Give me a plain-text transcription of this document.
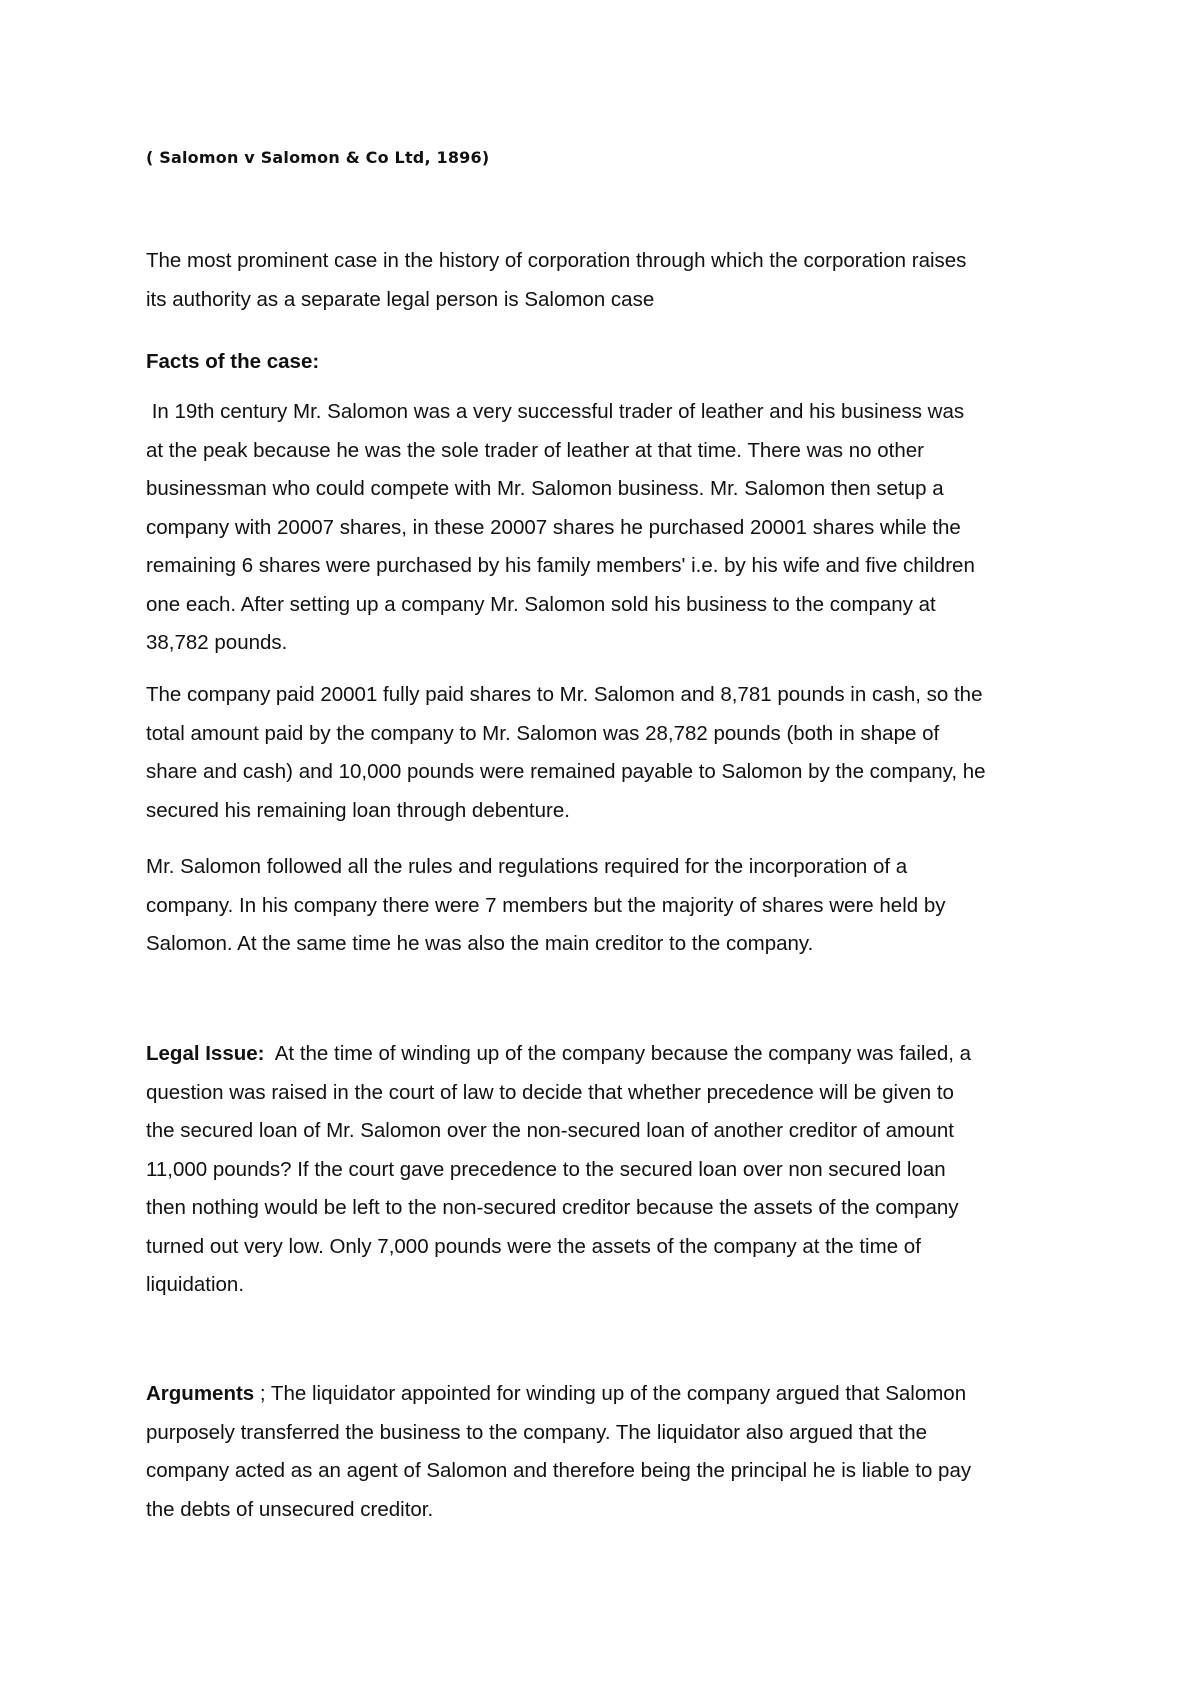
( Salomon v Salomon & Co Ltd, 1896)
The most prominent case in the history of corporation through which the corporation raises
its authority as a separate legal person is Salomon case
Facts of the case:
In 19th century Mr. Salomon was a very successful trader of leather and his business was
at the peak because he was the sole trader of leather at that time. There was no other
businessman who could compete with Mr. Salomon business. Mr. Salomon then setup a
company with 20007 shares, in these 20007 shares he purchased 20001 shares while the
remaining 6 shares were purchased by his family members' i.e. by his wife and five children
one each. After setting up a company Mr. Salomon sold his business to the company at
38,782 pounds.
The company paid 20001 fully paid shares to Mr. Salomon and 8,781 pounds in cash, so the
total amount paid by the company to Mr. Salomon was 28,782 pounds (both in shape of
share and cash) and 10,000 pounds were remained payable to Salomon by the company, he
secured his remaining loan through debenture.
Mr. Salomon followed all the rules and regulations required for the incorporation of a
company. In his company there were 7 members but the majority of shares were held by
Salomon. At the same time he was also the main creditor to the company.
Legal Issue:  At the time of winding up of the company because the company was failed, a
question was raised in the court of law to decide that whether precedence will be given to
the secured loan of Mr. Salomon over the non-secured loan of another creditor of amount
11,000 pounds? If the court gave precedence to the secured loan over non secured loan
then nothing would be left to the non-secured creditor because the assets of the company
turned out very low. Only 7,000 pounds were the assets of the company at the time of
liquidation.
Arguments ; The liquidator appointed for winding up of the company argued that Salomon
purposely transferred the business to the company. The liquidator also argued that the
company acted as an agent of Salomon and therefore being the principal he is liable to pay
the debts of unsecured creditor.
